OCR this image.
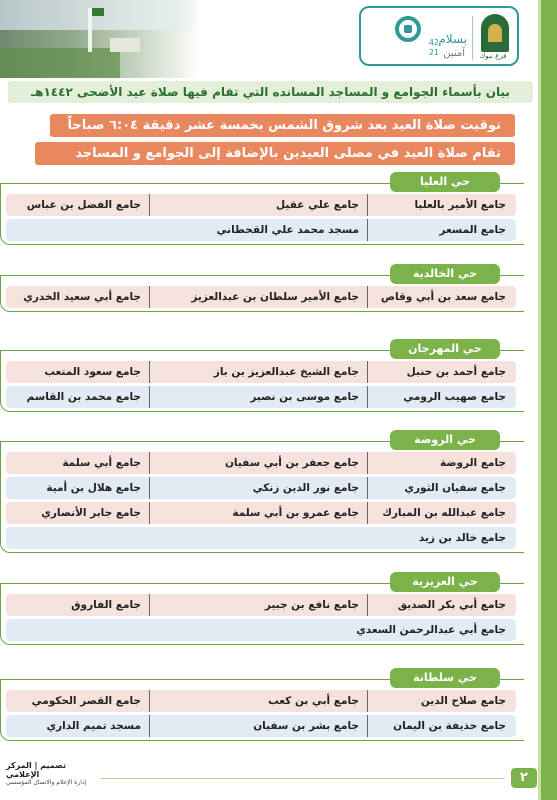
فرع تبوك
42
21
بسلام
آمنين
بيان بأسماء الجوامع و المساجد المسانده التي تقام فيها صلاة عيد الأضحى ١٤٤٢هـ
توقيت صلاة العيد بعد شروق الشمس بخمسة عشر دقيقة ٦:٠٤ صباحاً
تقام صلاة العيد في مصلى العيدين بالإضافة إلى الجوامع و المساجد
حي العليا
جامع الأمير بالعليا
جامع علي عقيل
جامع الفضل بن عباس
جامع المسعر
مسجد محمد علي القحطاني
حي الخالدية
جامع سعد بن أبي وقاص
جامع الأمير سلطان بن عبدالعزيز
جامع أبي سعيد الخدري
حي المهرجان
جامع أحمد بن حنبل
جامع الشيخ عبدالعزيز بن باز
جامع سعود المتعب
جامع صهيب الرومي
جامع موسى بن نصير
جامع محمد بن القاسم
حي الروضة
جامع الروضة
جامع جعفر بن أبي سفيان
جامع أبي سلمة
جامع سفيان الثوري
جامع نور الدين زنكي
جامع هلال بن أمية
جامع عبدالله بن المبارك
جامع عمرو بن أبي سلمة
جامع جابر الأنصاري
جامع خالد بن زيد
حي العزيزية
جامع أبي بكر الصديق
جامع نافع بن جبير
جامع الفاروق
جامع أبي عبدالرحمن السعدي
حي سلطانة
جامع صلاح الدين
جامع أبي بن كعب
جامع القصر الحكومي
جامع حذيفة بن اليمان
جامع بشر بن سفيان
مسجد تميم الداري
تصميم | المركز الإعلامي
إدارة الإعلام والاتصال المؤسسي	٢
